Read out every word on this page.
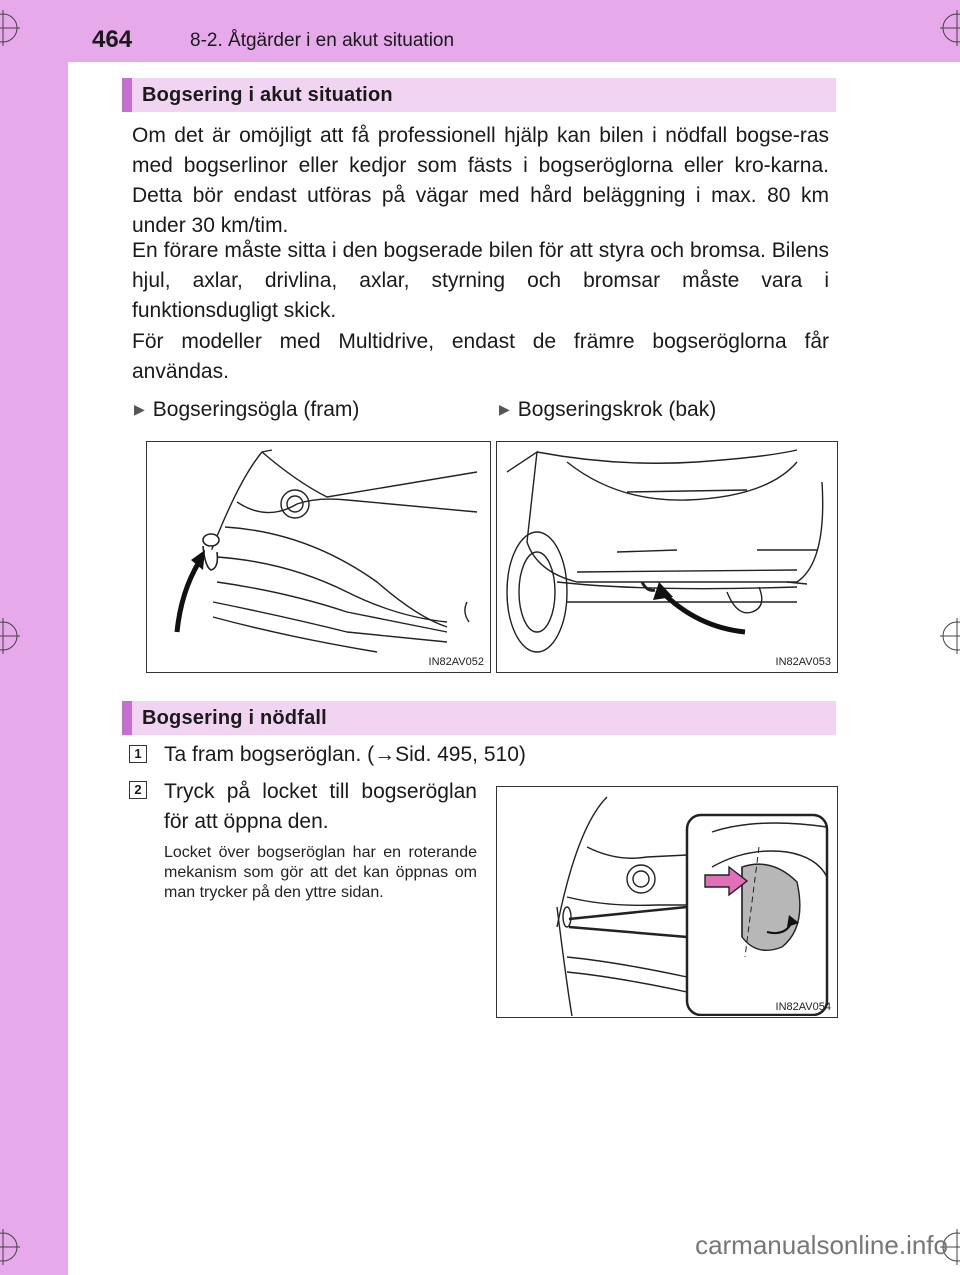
464	8-2. Åtgärder i en akut situation
Bogsering i akut situation

Om det är omöjligt att få professionell hjälp kan bilen i nödfall bogse-ras med bogserlinor eller kedjor som fästs i bogseröglorna eller kro-karna. Detta bör endast utföras på vägar med hård beläggning i max. 80 km under 30 km/tim.

En förare måste sitta i den bogserade bilen för att styra och bromsa. Bilens hjul, axlar, drivlina, axlar, styrning och bromsar måste vara i funktionsdugligt skick.

För modeller med Multidrive, endast de främre bogseröglorna får användas.

▶ Bogseringsögla (fram)	▶ Bogseringskrok (bak)
IN82AV052	IN82AV053
Bogsering i nödfall
1 Ta fram bogseröglan. (→Sid. 495, 510)

2 Tryck på locket till bogseröglan för att öppna den.

Locket över bogseröglan har en roterande mekanism som gör att det kan öppnas om man trycker på den yttre sidan.

IN82AV054
carmanualsonline.info
